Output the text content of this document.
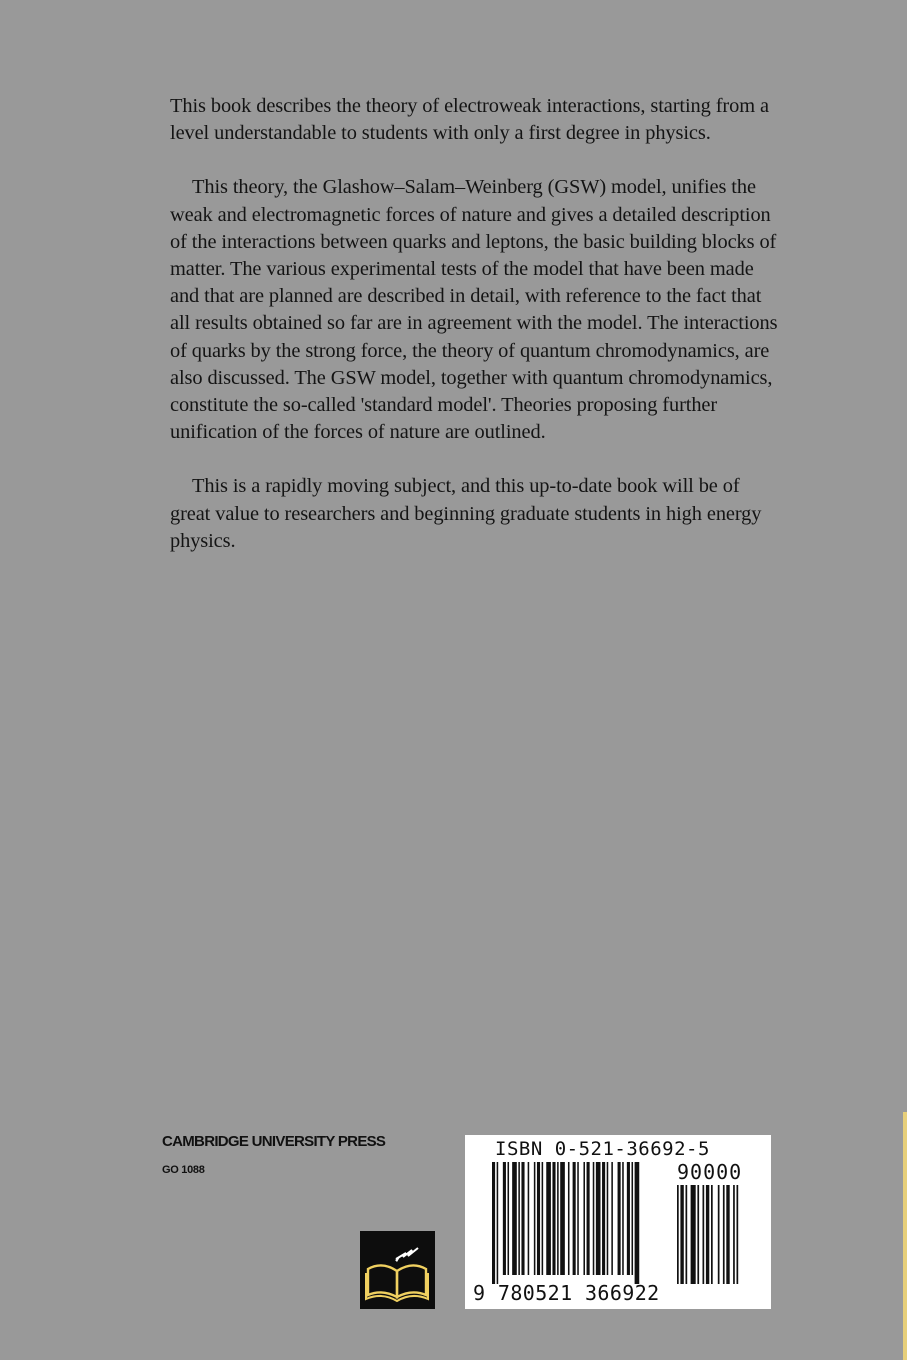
This book describes the theory of electroweak interactions, starting from a level understandable to students with only a first degree in physics.

This theory, the Glashow–Salam–Weinberg (GSW) model, unifies the weak and electromagnetic forces of nature and gives a detailed description of the interactions between quarks and leptons, the basic building blocks of matter. The various experimental tests of the model that have been made and that are planned are described in detail, with reference to the fact that all results obtained so far are in agreement with the model. The interactions of quarks by the strong force, the theory of quantum chromodynamics, are also discussed. The GSW model, together with quantum chromodynamics, constitute the so-called 'standard model'. Theories proposing further unification of the forces of nature are outlined.

This is a rapidly moving subject, and this up-to-date book will be of great value to researchers and beginning graduate students in high energy physics.

CAMBRIDGE UNIVERSITY PRESS
GO 1088
ISBN 0-521-36692-5
90000
9 780521 366922
